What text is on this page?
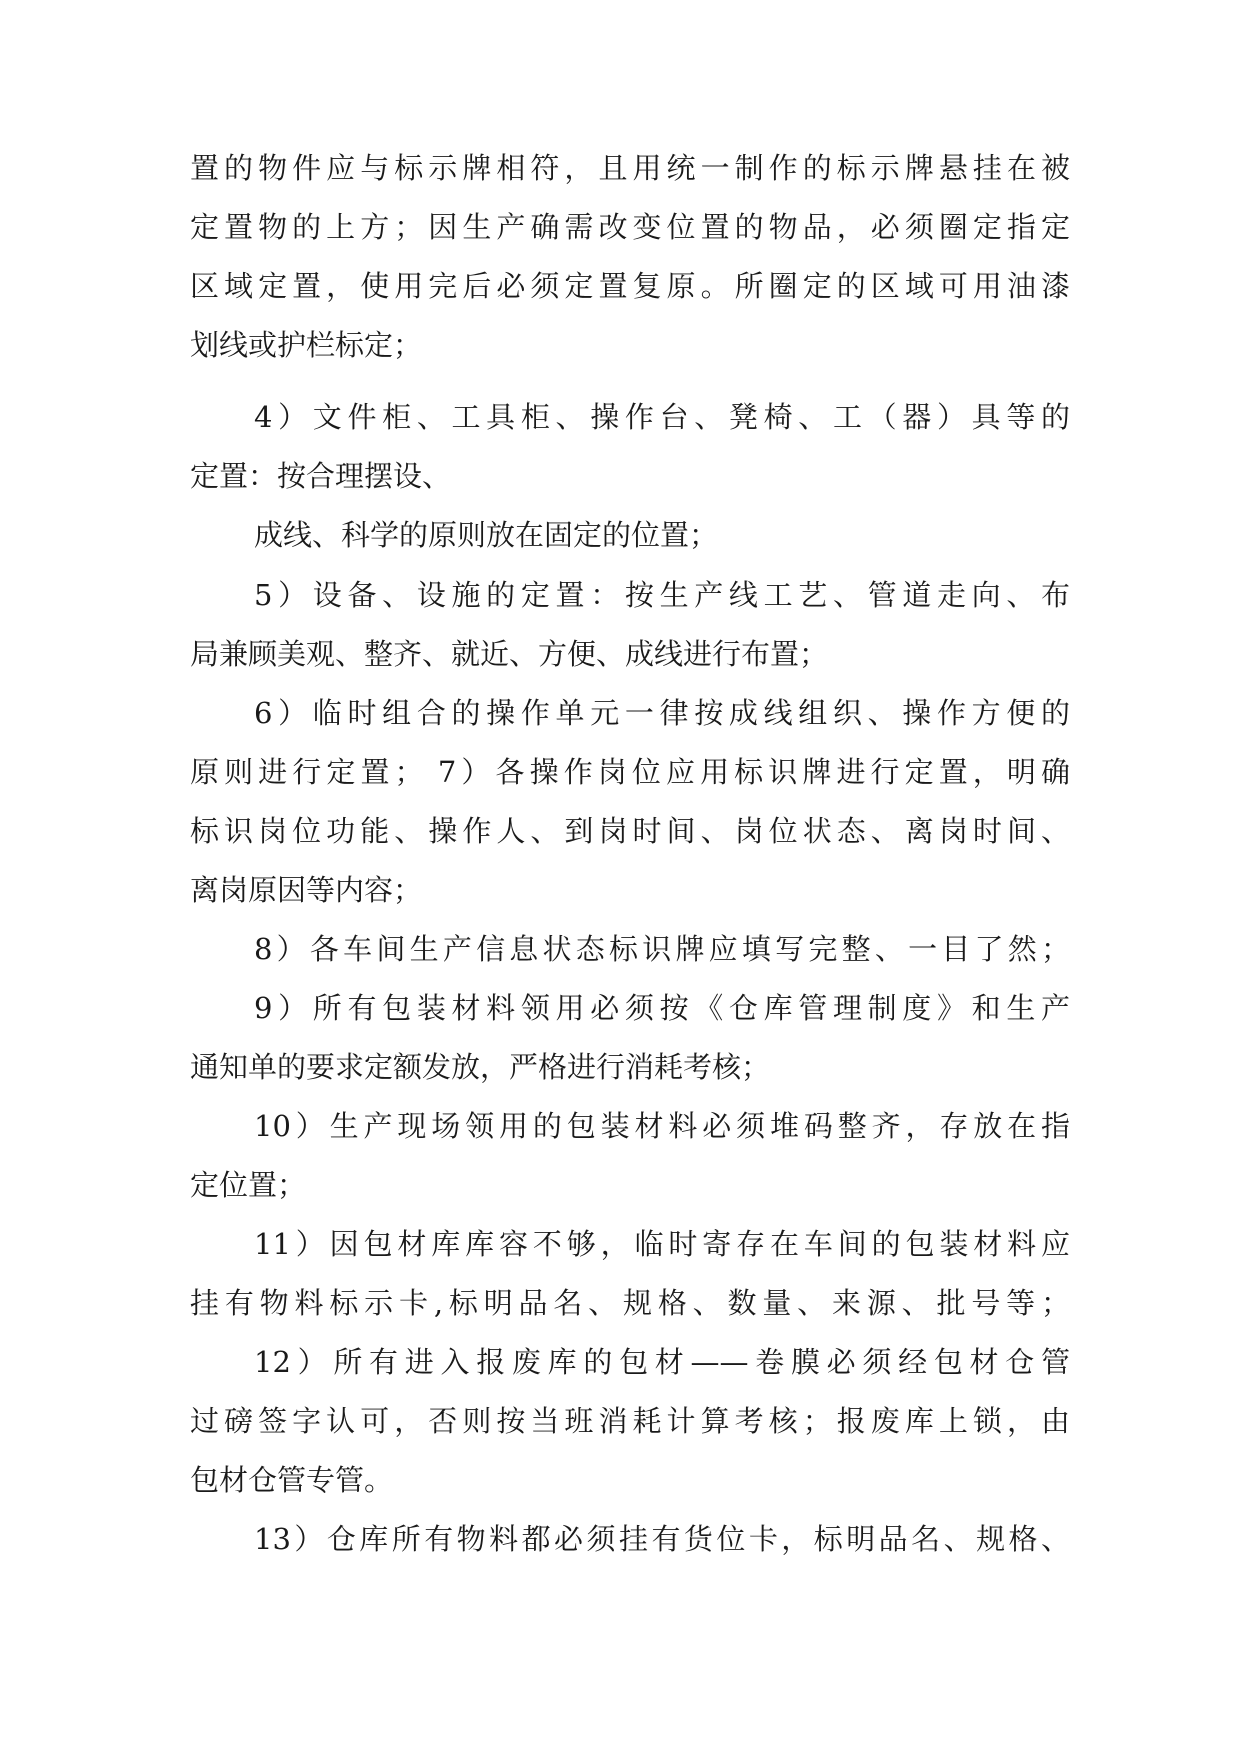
置的物件应与标示牌相符，且用统一制作的标示牌悬挂在被
定置物的上方；因生产确需改变位置的物品，必须圈定指定
区域定置，使用完后必须定置复原。所圈定的区域可用油漆
划线或护栏标定；
4）文件柜、工具柜、操作台、凳椅、工（器）具等的
定置：按合理摆设、
成线、科学的原则放在固定的位置；
5）设备、设施的定置：按生产线工艺、管道走向、布
局兼顾美观、整齐、就近、方便、成线进行布置；
6）临时组合的操作单元一律按成线组织、操作方便的
原则进行定置； 7）各操作岗位应用标识牌进行定置，明确
标识岗位功能、操作人、到岗时间、岗位状态、离岗时间、
离岗原因等内容；
8）各车间生产信息状态标识牌应填写完整、一目了然；
9）所有包装材料领用必须按《仓库管理制度》和生产
通知单的要求定额发放，严格进行消耗考核；
10）生产现场领用的包装材料必须堆码整齐，存放在指
定位置；
11）因包材库库容不够，临时寄存在车间的包装材料应
挂有物料标示卡,标明品名、规格、数量、来源、批号等；
12）所有进入报废库的包材——卷膜必须经包材仓管
过磅签字认可，否则按当班消耗计算考核；报废库上锁，由
包材仓管专管。
13）仓库所有物料都必须挂有货位卡，标明品名、规格、
